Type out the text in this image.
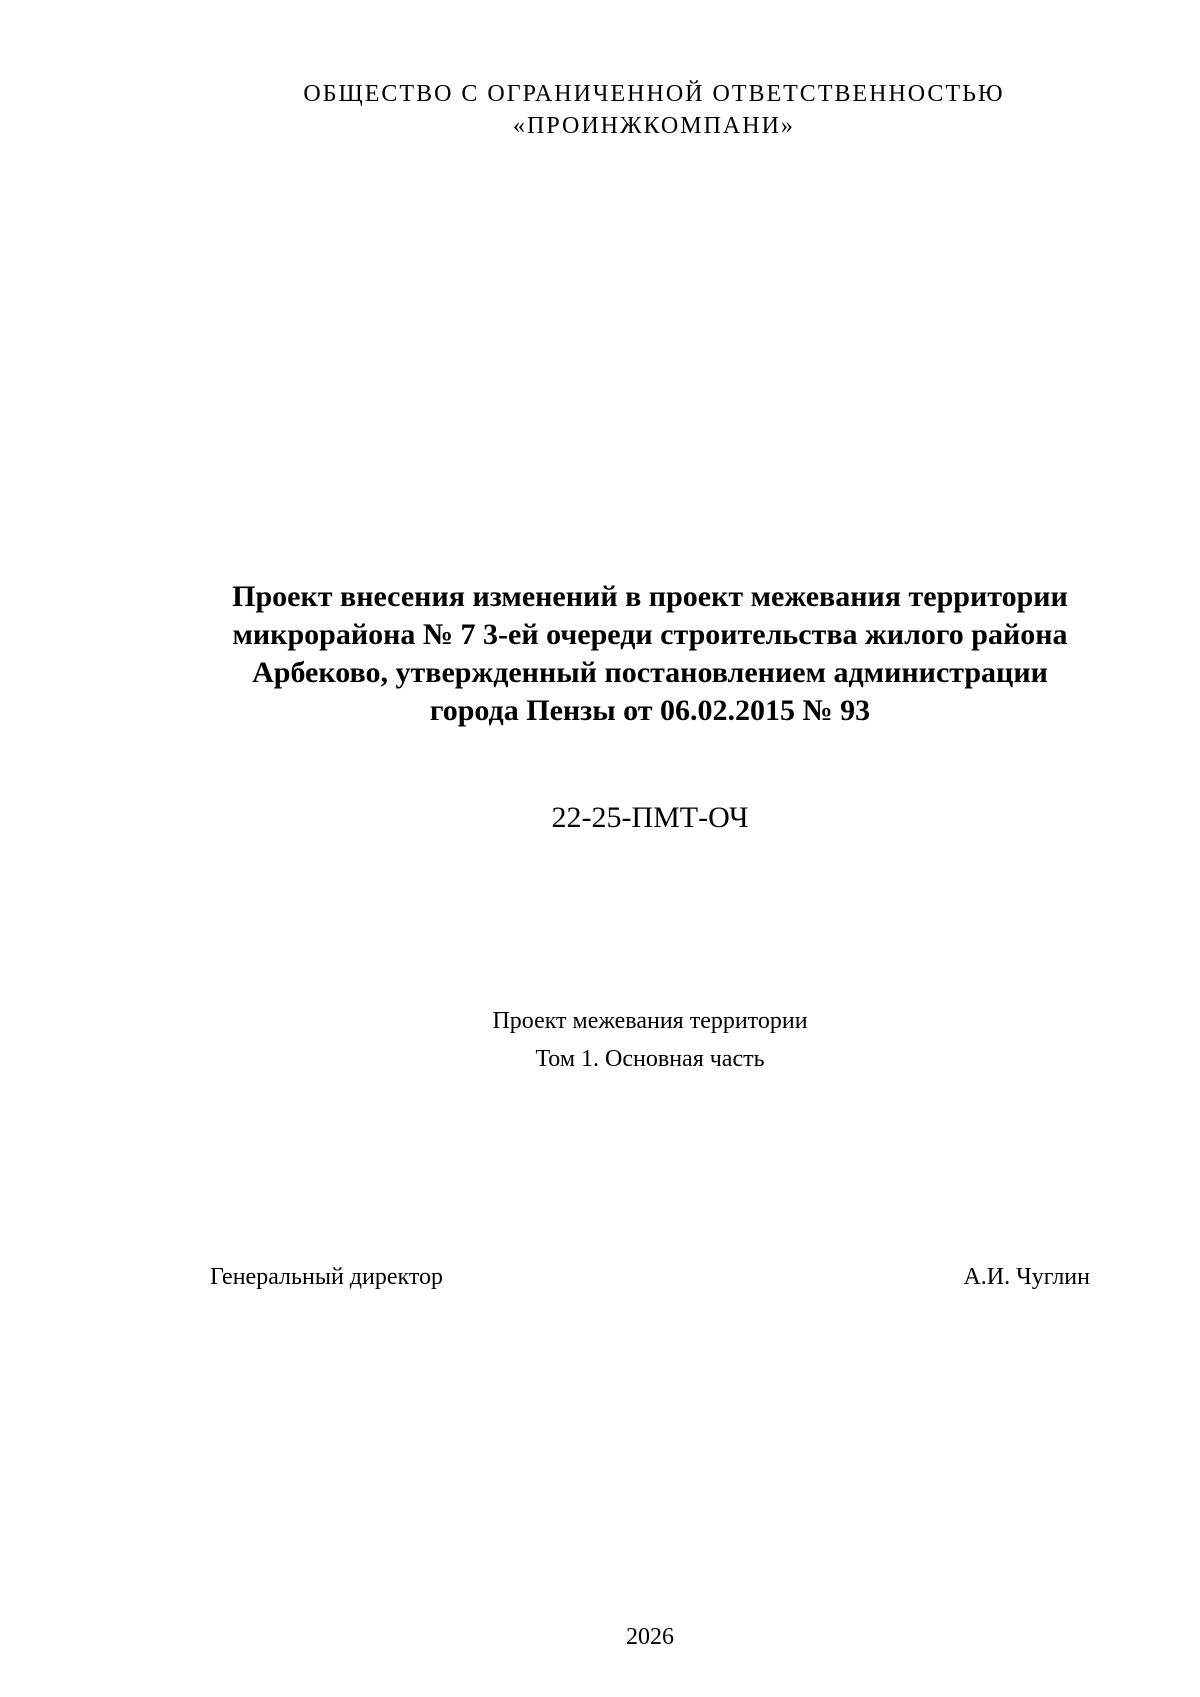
ОБЩЕСТВО С ОГРАНИЧЕННОЙ ОТВЕТСТВЕННОСТЬЮ
«ПРОИНЖКОМПАНИ»
Проект внесения изменений в проект межевания территории
микрорайона № 7 3-ей очереди строительства жилого района
Арбеково, утвержденный постановлением администрации
города Пензы от 06.02.2015 № 93
22-25-ПМТ-ОЧ
Проект межевания территории
Том 1. Основная часть
Генеральный директор	А.И. Чуглин
2026
